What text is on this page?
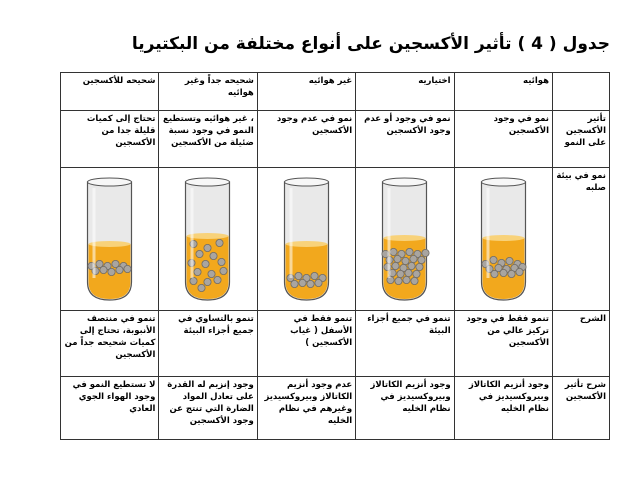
جدول ( 4 ) تأثير الأكسجين على أنواع مختلفة من البكتيريا
	هوائيه	اختياريه	غير هوائيه	شحيحه جداً وغير هوائيه	شحيحه للأكسجين
تأثير الأكسجين على النمو	نمو في وجود الأكسجين	نمو في وجود أو عدم وجود الأكسجين	نمو في عدم وجود الأكسجين	، غير هوائيه وتستطيع النمو في وجود نسبة ضئيلة من الأكسجين	تحتاج إلى كميات قليلة جدا من الأكسجين
نمو في بيئة صلبه	

الشرح	تنمو فقط في وجود تركيز عالي من الأكسجين	تنمو في جميع أجزاء البيئة	تنمو فقط في الأسفل ( غياب الأكسجين )	تنمو بالتساوي في جميع أجزاء البيئة	تنمو في منتصف الأنبوبة، تحتاج إلى كميات شحيحه جداً من الأكسجين
شرح تأثير الأكسجين	وجود أنزيم الكاتالاز وبيروكسيديز في نظام الخليه	وجود أنزيم الكاتالاز وبيروكسيديز في نظام الخليه	عدم وجود أنزيم الكاتالاز وبيروكسيديز وغيرهم في نظام الخليه	وجود إنزيم له القدرة على تعادل المواد الضارة التي تنتج عن وجود الأكسجين	لا تستطيع النمو في وجود الهواء الجوي العادي
